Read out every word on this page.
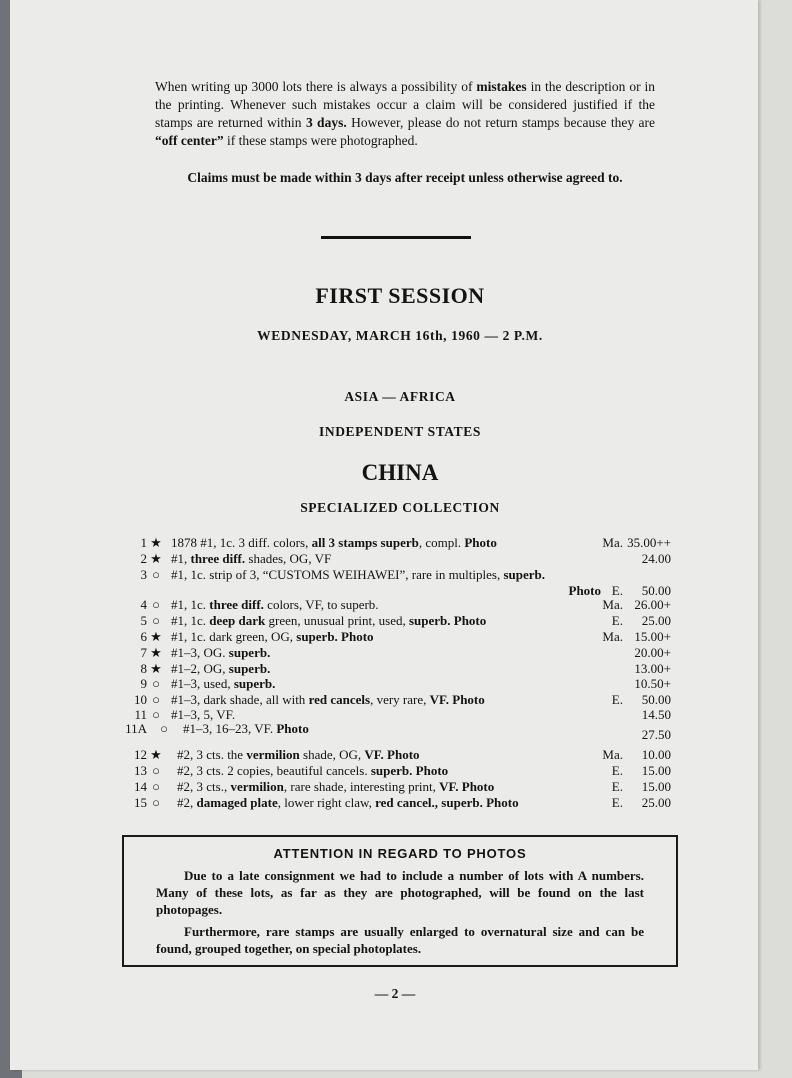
When writing up 3000 lots there is always a possibility of mistakes in the description or in the printing. Whenever such mistakes occur a claim will be considered justified if the stamps are returned within 3 days. However, please do not return stamps because they are “off center” if these stamps were photographed.
Claims must be made within 3 days after receipt unless otherwise agreed to.
FIRST SESSION
WEDNESDAY, MARCH 16th, 1960 — 2 P.M.
ASIA — AFRICA
INDEPENDENT STATES
CHINA
SPECIALIZED COLLECTION
1 ★ 1878 #1, 1c. 3 diff. colors, all 3 stamps superb, compl. Photo	Ma. 35.00++
2 ★ #1, three diff. shades, OG, VF	24.00
3 ○ #1, 1c. strip of 3, “CUSTOMS WEIHAWEI”, rare in multiples, superb.
Photo E. 50.00
4 ○ #1, 1c. three diff. colors, VF, to superb.	Ma. 26.00+
5 ○ #1, 1c. deep dark green, unusual print, used, superb. Photo	E. 25.00
6 ★ #1, 1c. dark green, OG, superb. Photo	Ma. 15.00+
7 ★ #1–3, OG. superb.	20.00+
8 ★ #1–2, OG, superb.	13.00+
9 ○ #1–3, used, superb.	10.50+
10 ○ #1–3, dark shade, all with red cancels, very rare, VF. Photo	E. 50.00
11 ○ #1–3, 5, VF.	14.50
11A ○ #1–3, 16–23, VF. Photo	27.50
12 ★ #2, 3 cts. the vermilion shade, OG, VF. Photo	Ma. 10.00
13 ○ #2, 3 cts. 2 copies, beautiful cancels. superb. Photo	E. 15.00
14 ○ #2, 3 cts., vermilion, rare shade, interesting print, VF. Photo	E. 15.00
15 ○ #2, damaged plate, lower right claw, red cancel., superb. Photo	E. 25.00
ATTENTION IN REGARD TO PHOTOS
Due to a late consignment we had to include a number of lots with A numbers. Many of these lots, as far as they are photographed, will be found on the last photopages.
Furthermore, rare stamps are usually enlarged to overnatural size and can be found, grouped together, on special photoplates.
— 2 —
